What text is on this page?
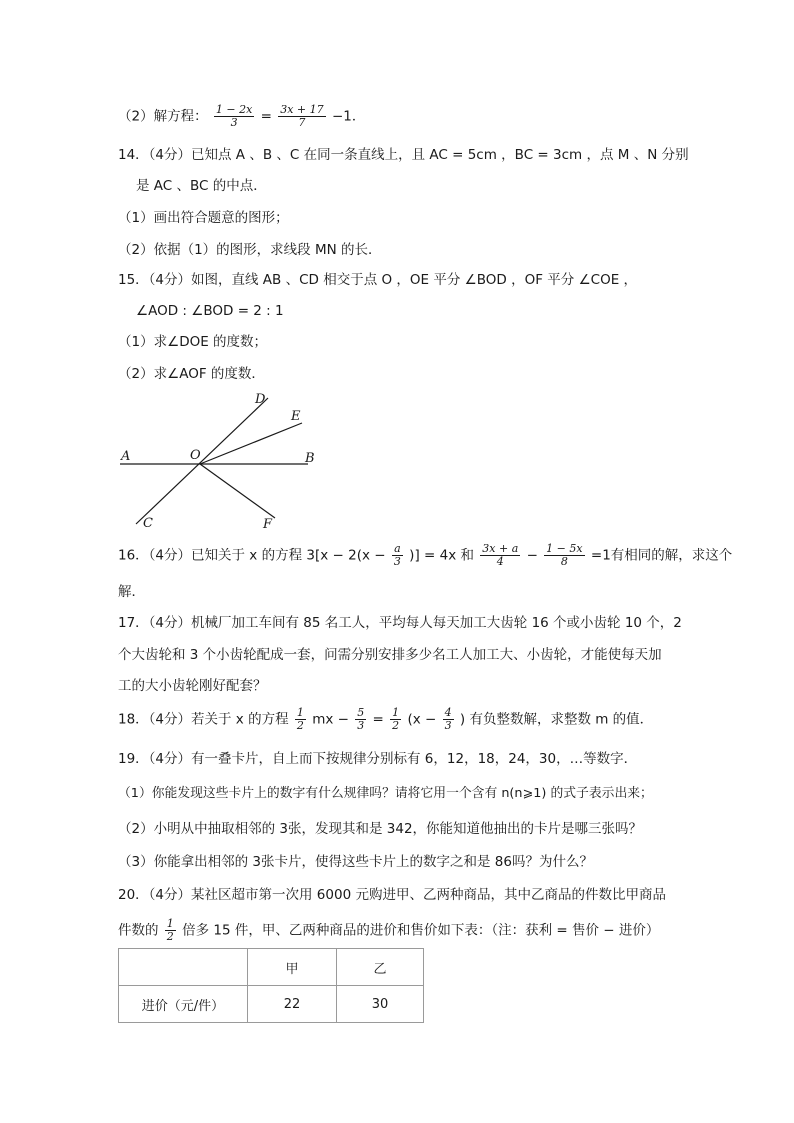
（2）解方程： $\frac{1 - 2x}{3} = \frac{3x + 17}{7} -1$．
14．（4分）已知点 A 、B 、C 在同一条直线上，且 AC = 5cm ，BC = 3cm ，点 M 、N 分别
是 AC 、BC 的中点．
（1）画出符合题意的图形；
（2）依据（1）的图形，求线段 MN 的长．
15．（4分）如图，直线 AB 、CD 相交于点 O ，OE 平分 ∠BOD ，OF 平分 ∠COE ，
∠AOD : ∠BOD = 2 : 1
（1）求∠DOE 的度数；
（2）求∠AOF 的度数．
A	O	B
D
E
C	F
16．（4分）已知关于 x 的方程 $3[x - 2(x - \frac{a}{3}$ )] = 4x 和 $\frac{3x + a}{4} - \frac{1 - 5x}{8} =1$有相同的解，求这个
解．
17．（4分）机械厂加工车间有 85 名工人，平均每人每天加工大齿轮 16 个或小齿轮 10 个，2
个大齿轮和 3 个小齿轮配成一套，问需分别安排多少名工人加工大、小齿轮，才能使每天加
工的大小齿轮刚好配套？
18．（4分）若关于 x 的方程 $\frac{1}{2}$ mx − $\frac{5}{3} = \frac{1}{2} (x - \frac{4}{3}$ ) 有负整数解，求整数 m 的值．
19．（4分）有一叠卡片，自上而下按规律分别标有 6，12，18，24，30，…等数字．
（1）你能发现这些卡片上的数字有什么规律吗？请将它用一个含有 n(n⩾1) 的式子表示出来；
（2）小明从中抽取相邻的 3张，发现其和是 342，你能知道他抽出的卡片是哪三张吗？
（3）你能拿出相邻的 3张卡片，使得这些卡片上的数字之和是 86吗？为什么？
20．（4分）某社区超市第一次用 6000 元购进甲、乙两种商品，其中乙商品的件数比甲商品
件数的 $\frac{1}{2}$ 倍多 15 件，甲、乙两种商品的进价和售价如下表：（注：获利 = 售价 − 进价）
	甲	乙
进价（元/件）	22	30
